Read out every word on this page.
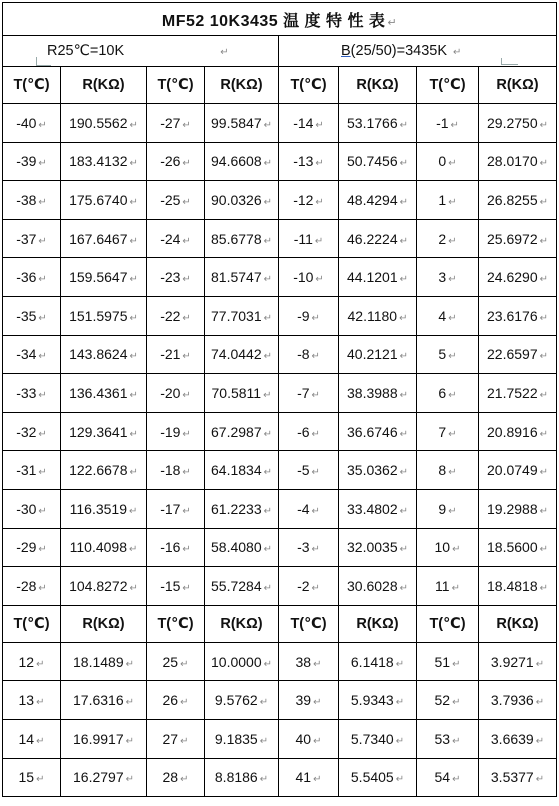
MF52 10K3435 温 度 特 性 表 ↵							
R25℃=10K ↵				B(25/50)=3435K ↵			

T(℃)	R(KΩ)	T(℃)	R(KΩ)	T(℃)	R(KΩ)	T(℃)	R(KΩ)
-40 ↵	190.5562 ↵	-27 ↵	99.5847 ↵	-14 ↵	53.1766 ↵	-1 ↵	29.2750 ↵
-39 ↵	183.4132 ↵	-26 ↵	94.6608 ↵	-13 ↵	50.7456 ↵	0 ↵	28.0170 ↵
-38 ↵	175.6740 ↵	-25 ↵	90.0326 ↵	-12 ↵	48.4294 ↵	1 ↵	26.8255 ↵
-37 ↵	167.6467 ↵	-24 ↵	85.6778 ↵	-11 ↵	46.2224 ↵	2 ↵	25.6972 ↵
-36 ↵	159.5647 ↵	-23 ↵	81.5747 ↵	-10 ↵	44.1201 ↵	3 ↵	24.6290 ↵
-35 ↵	151.5975 ↵	-22 ↵	77.7031 ↵	-9 ↵	42.1180 ↵	4 ↵	23.6176 ↵
-34 ↵	143.8624 ↵	-21 ↵	74.0442 ↵	-8 ↵	40.2121 ↵	5 ↵	22.6597 ↵
-33 ↵	136.4361 ↵	-20 ↵	70.5811 ↵	-7 ↵	38.3988 ↵	6 ↵	21.7522 ↵
-32 ↵	129.3641 ↵	-19 ↵	67.2987 ↵	-6 ↵	36.6746 ↵	7 ↵	20.8916 ↵
-31 ↵	122.6678 ↵	-18 ↵	64.1834 ↵	-5 ↵	35.0362 ↵	8 ↵	20.0749 ↵
-30 ↵	116.3519 ↵	-17 ↵	61.2233 ↵	-4 ↵	33.4802 ↵	9 ↵	19.2988 ↵
-29 ↵	110.4098 ↵	-16 ↵	58.4080 ↵	-3 ↵	32.0035 ↵	10 ↵	18.5600 ↵
-28 ↵	104.8272 ↵	-15 ↵	55.7284 ↵	-2 ↵	30.6028 ↵	11 ↵	18.4818 ↵
T(℃)	R(KΩ)	T(℃)	R(KΩ)	T(℃)	R(KΩ)	T(℃)	R(KΩ)
12 ↵	18.1489 ↵	25 ↵	10.0000 ↵	38 ↵	6.1418 ↵	51 ↵	3.9271 ↵
13 ↵	17.6316 ↵	26 ↵	9.5762 ↵	39 ↵	5.9343 ↵	52 ↵	3.7936 ↵
14 ↵	16.9917 ↵	27 ↵	9.1835 ↵	40 ↵	5.7340 ↵	53 ↵	3.6639 ↵
15 ↵	16.2797 ↵	28 ↵	8.8186 ↵	41 ↵	5.5405 ↵	54 ↵	3.5377 ↵
